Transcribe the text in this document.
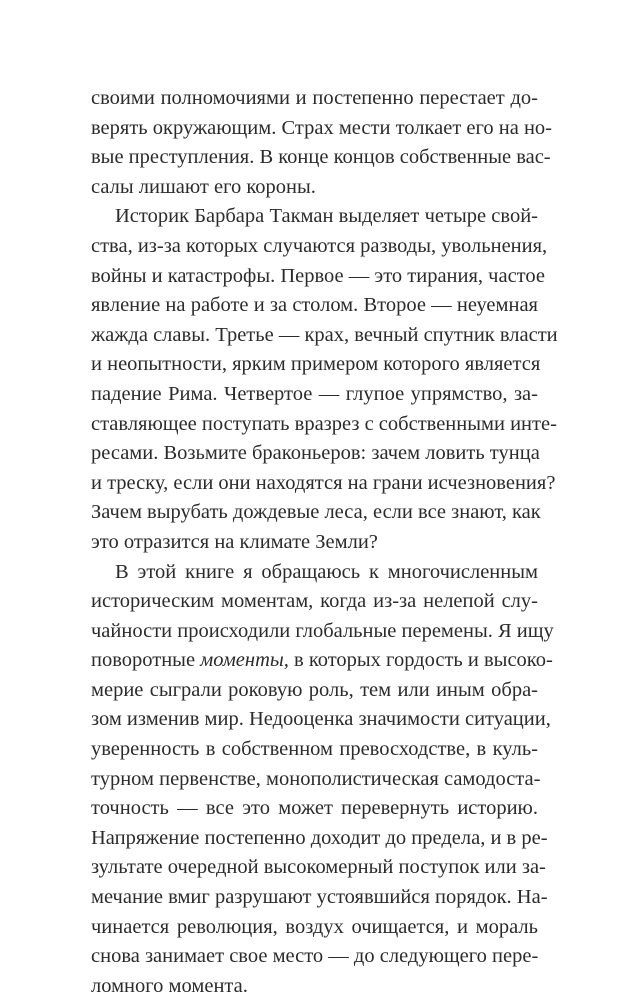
своими полномочиями и постепенно перестает до-
верять окружающим. Страх мести толкает его на но-
вые преступления. В конце концов собственные вас-
салы лишают его короны.
Историк Барбара Такман выделяет четыре свой-
ства, из-за которых случаются разводы, увольнения,
войны и катастрофы. Первое — это тирания, частое
явление на работе и за столом. Второе — неуемная
жажда славы. Третье — крах, вечный спутник власти
и неопытности, ярким примером которого является
падение Рима. Четвертое — глупое упрямство, за-
ставляющее поступать вразрез с собственными инте-
ресами. Возьмите браконьеров: зачем ловить тунца
и треску, если они находятся на грани исчезновения?
Зачем вырубать дождевые леса, если все знают, как
это отразится на климате Земли?
В этой книге я обращаюсь к многочисленным
историческим моментам, когда из-за нелепой слу-
чайности происходили глобальные перемены. Я ищу
поворотные моменты, в которых гордость и высоко-
мерие сыграли роковую роль, тем или иным обра-
зом изменив мир. Недооценка значимости ситуации,
уверенность в собственном превосходстве, в куль-
турном первенстве, монополистическая самодоста-
точность — все это может перевернуть историю.
Напряжение постепенно доходит до предела, и в ре-
зультате очередной высокомерный поступок или за-
мечание вмиг разрушают устоявшийся порядок. На-
чинается революция, воздух очищается, и мораль
снова занимает свое место — до следующего пере-
ломного момента.
